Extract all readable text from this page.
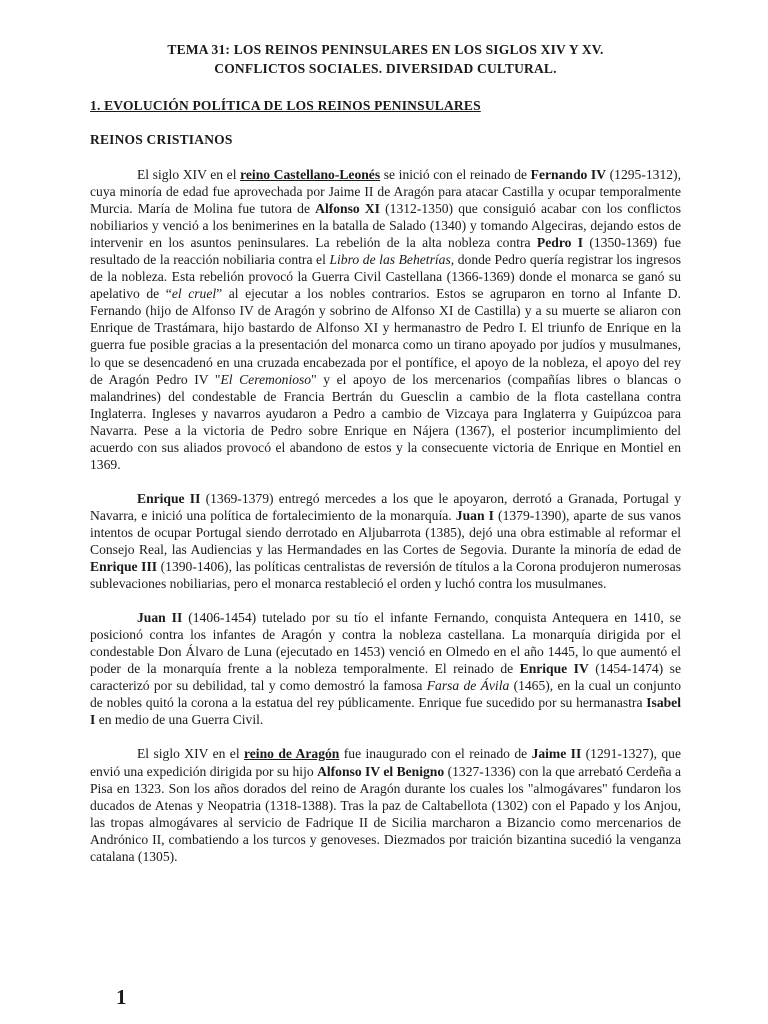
TEMA 31: LOS REINOS PENINSULARES EN LOS SIGLOS XIV Y XV.
CONFLICTOS SOCIALES. DIVERSIDAD CULTURAL.
1. EVOLUCIÓN POLÍTICA DE LOS REINOS PENINSULARES
REINOS CRISTIANOS

El siglo XIV en el reino Castellano-Leonés se inició con el reinado de Fernando IV (1295-1312), cuya minoría de edad fue aprovechada por Jaime II de Aragón para atacar Castilla y ocupar temporalmente Murcia. María de Molina fue tutora de Alfonso XI (1312-1350) que consiguió acabar con los conflictos nobiliarios y venció a los benimerines en la batalla de Salado (1340) y tomando Algeciras, dejando estos de intervenir en los asuntos peninsulares. La rebelión de la alta nobleza contra Pedro I (1350-1369) fue resultado de la reacción nobiliaria contra el Libro de las Behetrías, donde Pedro quería registrar los ingresos de la nobleza. Esta rebelión provocó la Guerra Civil Castellana (1366-1369) donde el monarca se ganó su apelativo de “el cruel” al ejecutar a los nobles contrarios. Estos se agruparon en torno al Infante D. Fernando (hijo de Alfonso IV de Aragón y sobrino de Alfonso XI de Castilla) y a su muerte se aliaron con Enrique de Trastámara, hijo bastardo de Alfonso XI y hermanastro de Pedro I. El triunfo de Enrique en la guerra fue posible gracias a la presentación del monarca como un tirano apoyado por judíos y musulmanes, lo que se desencadenó en una cruzada encabezada por el pontífice, el apoyo de la nobleza, el apoyo del rey de Aragón Pedro IV "El Ceremonioso" y el apoyo de los mercenarios (compañías libres o blancas o malandrines) del condestable de Francia Bertrán du Guesclin a cambio de la flota castellana contra Inglaterra. Ingleses y navarros ayudaron a Pedro a cambio de Vizcaya para Inglaterra y Guipúzcoa para Navarra. Pese a la victoria de Pedro sobre Enrique en Nájera (1367), el posterior incumplimiento del acuerdo con sus aliados provocó el abandono de estos y la consecuente victoria de Enrique en Montiel en 1369.

Enrique II (1369-1379) entregó mercedes a los que le apoyaron, derrotó a Granada, Portugal y Navarra, e inició una política de fortalecimiento de la monarquía. Juan I (1379-1390), aparte de sus vanos intentos de ocupar Portugal siendo derrotado en Aljubarrota (1385), dejó una obra estimable al reformar el Consejo Real, las Audiencias y las Hermandades en las Cortes de Segovia. Durante la minoría de edad de Enrique III (1390-1406), las políticas centralistas de reversión de títulos a la Corona produjeron numerosas sublevaciones nobiliarias, pero el monarca restableció el orden y luchó contra los musulmanes.

Juan II (1406-1454) tutelado por su tío el infante Fernando, conquista Antequera en 1410, se posicionó contra los infantes de Aragón y contra la nobleza castellana. La monarquía dirigida por el condestable Don Álvaro de Luna (ejecutado en 1453) venció en Olmedo en el año 1445, lo que aumentó el poder de la monarquía frente a la nobleza temporalmente. El reinado de Enrique IV (1454-1474) se caracterizó por su debilidad, tal y como demostró la famosa Farsa de Ávila (1465), en la cual un conjunto de nobles quitó la corona a la estatua del rey públicamente. Enrique fue sucedido por su hermanastra Isabel I en medio de una Guerra Civil.

El siglo XIV en el reino de Aragón fue inaugurado con el reinado de Jaime II (1291-1327), que envió una expedición dirigida por su hijo Alfonso IV el Benigno (1327-1336) con la que arrebató Cerdeña a Pisa en 1323. Son los años dorados del reino de Aragón durante los cuales los "almogávares" fundaron los ducados de Atenas y Neopatria (1318-1388). Tras la paz de Caltabellota (1302) con el Papado y los Anjou, las tropas almogávares al servicio de Fadrique II de Sicilia marcharon a Bizancio como mercenarios de Andrónico II, combatiendo a los turcos y genoveses. Diezmados por traición bizantina sucedió la venganza catalana (1305).

1
